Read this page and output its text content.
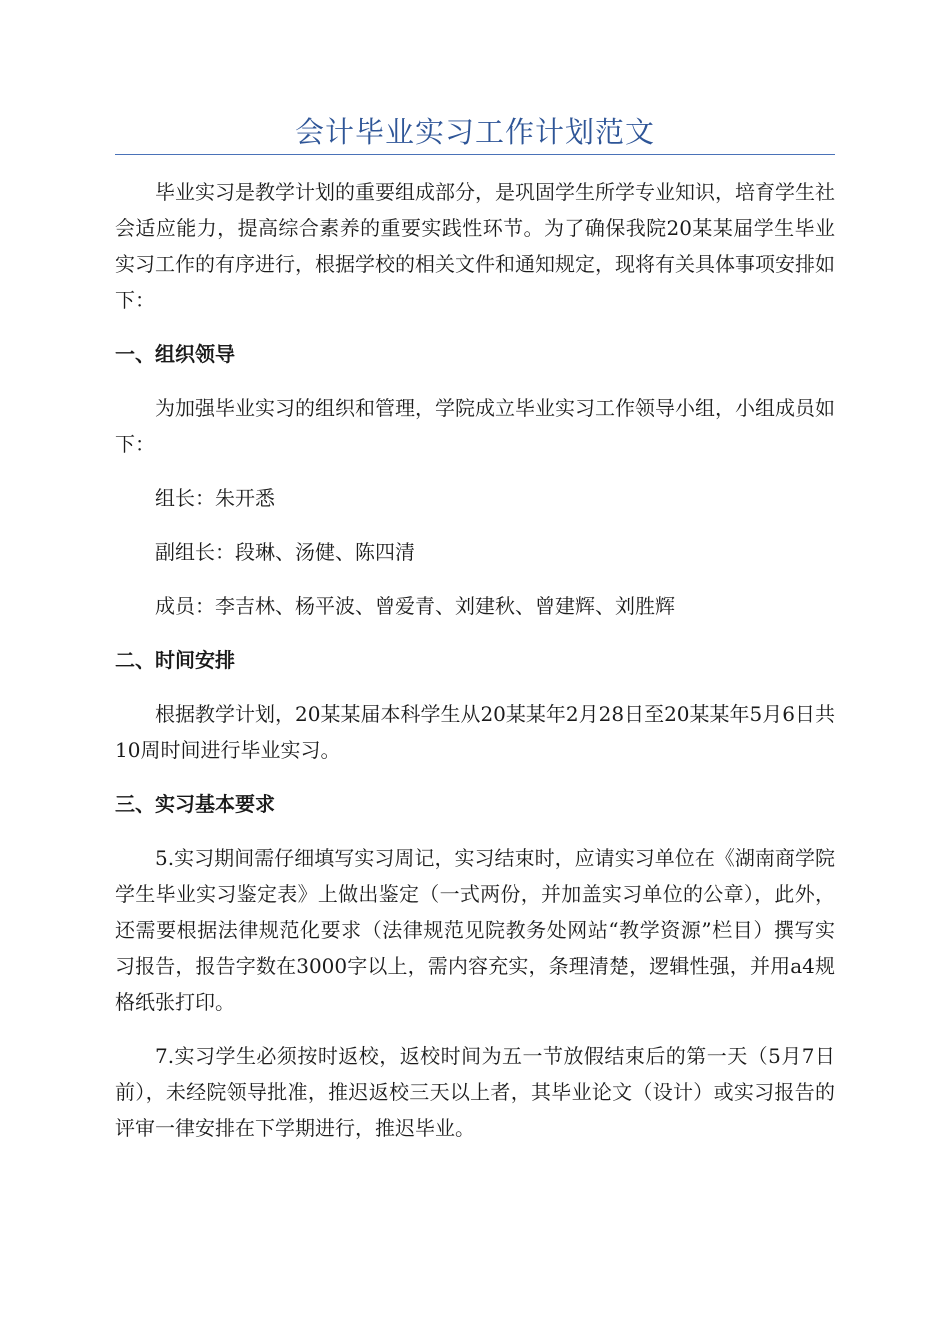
会计毕业实习工作计划范文

毕业实习是教学计划的重要组成部分，是巩固学生所学专业知识，培育学生社会适应能力，提高综合素养的重要实践性环节。为了确保我院20某某届学生毕业实习工作的有序进行，根据学校的相关文件和通知规定，现将有关具体事项安排如下：

一、组织领导

为加强毕业实习的组织和管理，学院成立毕业实习工作领导小组，小组成员如下：

组长：朱开悉

副组长：段琳、汤健、陈四清

成员：李吉林、杨平波、曾爱青、刘建秋、曾建辉、刘胜辉

二、时间安排

根据教学计划，20某某届本科学生从20某某年2月28日至20某某年5月6日共10周时间进行毕业实习。

三、实习基本要求

5.实习期间需仔细填写实习周记，实习结束时，应请实习单位在《湖南商学院学生毕业实习鉴定表》上做出鉴定（一式两份，并加盖实习单位的公章），此外，还需要根据法律规范化要求（法律规范见院教务处网站“教学资源”栏目）撰写实习报告，报告字数在3000字以上，需内容充实，条理清楚，逻辑性强，并用a4规格纸张打印。

7.实习学生必须按时返校，返校时间为五一节放假结束后的第一天（5月7日前），未经院领导批准，推迟返校三天以上者，其毕业论文（设计）或实习报告的评审一律安排在下学期进行，推迟毕业。
